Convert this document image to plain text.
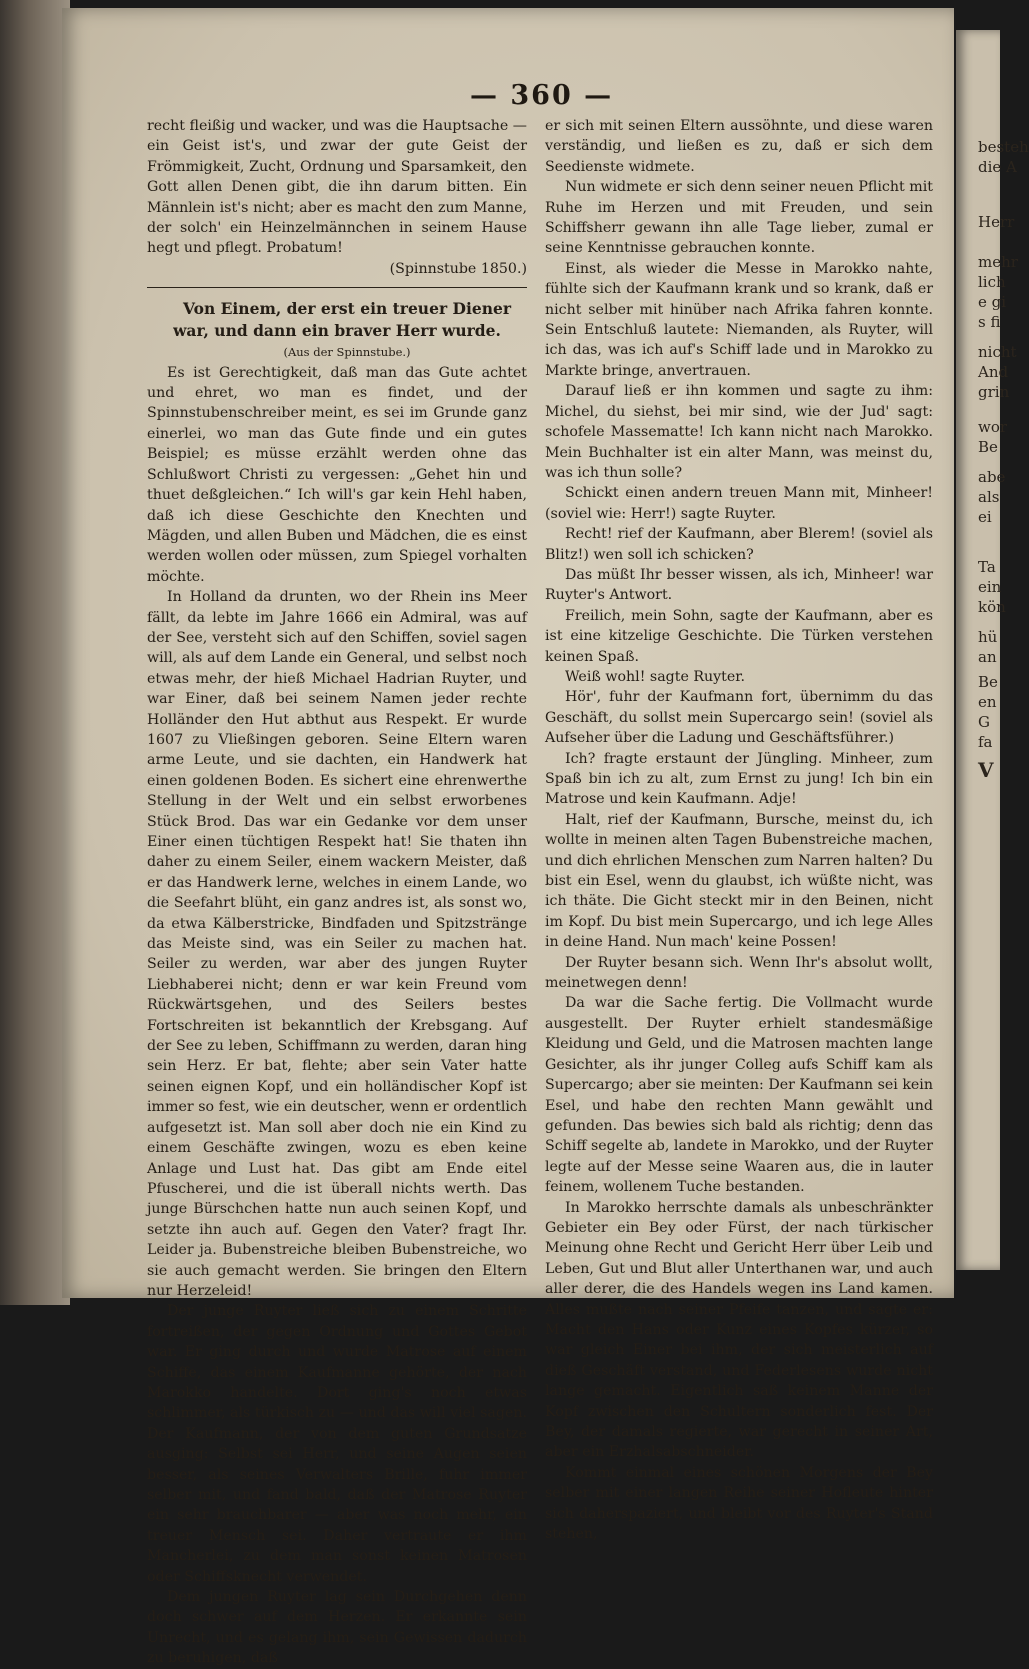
besteh
die A
Herr
mehr
lich
e gi
s fi
nicht
And
grin
wor
Be
abe
als
ei
Ta
ein
kön
hü
an
Be
en
G
fa
V
— 360 —

recht fleißig und wacker, und was die Hauptsache — ein Geist ist's, und zwar der gute Geist der Frömmigkeit, Zucht, Ordnung und Sparsamkeit, den Gott allen Denen gibt, die ihn darum bitten. Ein Männlein ist's nicht; aber es macht den zum Manne, der solch' ein Heinzelmännchen in seinem Hause hegt und pflegt. Probatum!

(Spinnstube 1850.)

Von Einem, der erst ein treuer Diener war, und dann ein braver Herr wurde.

(Aus der Spinnstube.)

Es ist Gerechtigkeit, daß man das Gute achtet und ehret, wo man es findet, und der Spinnstubenschreiber meint, es sei im Grunde ganz einerlei, wo man das Gute finde und ein gutes Beispiel; es müsse erzählt werden ohne das Schlußwort Christi zu vergessen: „Gehet hin und thuet deßgleichen.“ Ich will's gar kein Hehl haben, daß ich diese Geschichte den Knechten und Mägden, und allen Buben und Mädchen, die es einst werden wollen oder müssen, zum Spiegel vorhalten möchte.

In Holland da drunten, wo der Rhein ins Meer fällt, da lebte im Jahre 1666 ein Admiral, was auf der See, versteht sich auf den Schiffen, soviel sagen will, als auf dem Lande ein General, und selbst noch etwas mehr, der hieß Michael Hadrian Ruyter, und war Einer, daß bei seinem Namen jeder rechte Holländer den Hut abthut aus Respekt. Er wurde 1607 zu Vließingen geboren. Seine Eltern waren arme Leute, und sie dachten, ein Handwerk hat einen goldenen Boden. Es sichert eine ehrenwerthe Stellung in der Welt und ein selbst erworbenes Stück Brod. Das war ein Gedanke vor dem unser Einer einen tüchtigen Respekt hat! Sie thaten ihn daher zu einem Seiler, einem wackern Meister, daß er das Handwerk lerne, welches in einem Lande, wo die Seefahrt blüht, ein ganz andres ist, als sonst wo, da etwa Kälberstricke, Bindfaden und Spitzstränge das Meiste sind, was ein Seiler zu machen hat. Seiler zu werden, war aber des jungen Ruyter Liebhaberei nicht; denn er war kein Freund vom Rückwärtsgehen, und des Seilers bestes Fortschreiten ist bekanntlich der Krebsgang. Auf der See zu leben, Schiffmann zu werden, daran hing sein Herz. Er bat, flehte; aber sein Vater hatte seinen eignen Kopf, und ein holländischer Kopf ist immer so fest, wie ein deutscher, wenn er ordentlich aufgesetzt ist. Man soll aber doch nie ein Kind zu einem Geschäfte zwingen, wozu es eben keine Anlage und Lust hat. Das gibt am Ende eitel Pfuscherei, und die ist überall nichts werth. Das junge Bürschchen hatte nun auch seinen Kopf, und setzte ihn auch auf. Gegen den Vater? fragt Ihr. Leider ja. Bubenstreiche bleiben Bubenstreiche, wo sie auch gemacht werden. Sie bringen den Eltern nur Herzeleid!

Der junge Ruyter ließ sich zu einem Schritte fortreißen, der gegen Ordnung und Gottes Gebot war. Er ging durch und wurde Matrose auf einem Schiffe, das einem Kaufmanne gehörte, der nach Marokko handelte. Dort ging's noch etwas schlimmer, als türkisch zu — und das will viel sagen. Der Kaufmann, der von dem guten Grundsatze ausging: Selbst sei Herr, und seine Augen seien besser, als seines Verwalters Brille, fuhr immer selber mit, und fand bald, daß der Matrose Ruyter ein sehr brauchbarer — aber was noch mehr, ein treuer Mensch sei. Daher vertraute er ihm Mancherlei, zu dem man sonst keinen Matrosen oder Schiffsknecht verwendet.

Dem jungen Ruyter lag sein Durchgehen denn doch schwer auf dem Herzen. Er erkannte sein Unrecht, und es gelang ihm, sein Gewissen dadurch zu beruhigen, daß

er sich mit seinen Eltern aussöhnte, und diese waren verständig, und ließen es zu, daß er sich dem Seedienste widmete.

Nun widmete er sich denn seiner neuen Pflicht mit Ruhe im Herzen und mit Freuden, und sein Schiffsherr gewann ihn alle Tage lieber, zumal er seine Kenntnisse gebrauchen konnte.

Einst, als wieder die Messe in Marokko nahte, fühlte sich der Kaufmann krank und so krank, daß er nicht selber mit hinüber nach Afrika fahren konnte. Sein Entschluß lautete: Niemanden, als Ruyter, will ich das, was ich auf's Schiff lade und in Marokko zu Markte bringe, anvertrauen.

Darauf ließ er ihn kommen und sagte zu ihm: Michel, du siehst, bei mir sind, wie der Jud' sagt: schofele Massematte! Ich kann nicht nach Marokko. Mein Buchhalter ist ein alter Mann, was meinst du, was ich thun solle?

Schickt einen andern treuen Mann mit, Minheer! (soviel wie: Herr!) sagte Ruyter.

Recht! rief der Kaufmann, aber Blerem! (soviel als Blitz!) wen soll ich schicken?

Das müßt Ihr besser wissen, als ich, Minheer! war Ruyter's Antwort.

Freilich, mein Sohn, sagte der Kaufmann, aber es ist eine kitzelige Geschichte. Die Türken verstehen keinen Spaß.

Weiß wohl! sagte Ruyter.

Hör', fuhr der Kaufmann fort, übernimm du das Geschäft, du sollst mein Supercargo sein! (soviel als Aufseher über die Ladung und Geschäftsführer.)

Ich? fragte erstaunt der Jüngling. Minheer, zum Spaß bin ich zu alt, zum Ernst zu jung! Ich bin ein Matrose und kein Kaufmann. Adje!

Halt, rief der Kaufmann, Bursche, meinst du, ich wollte in meinen alten Tagen Bubenstreiche machen, und dich ehrlichen Menschen zum Narren halten? Du bist ein Esel, wenn du glaubst, ich wüßte nicht, was ich thäte. Die Gicht steckt mir in den Beinen, nicht im Kopf. Du bist mein Supercargo, und ich lege Alles in deine Hand. Nun mach' keine Possen!

Der Ruyter besann sich. Wenn Ihr's absolut wollt, meinetwegen denn!

Da war die Sache fertig. Die Vollmacht wurde ausgestellt. Der Ruyter erhielt standesmäßige Kleidung und Geld, und die Matrosen machten lange Gesichter, als ihr junger Colleg aufs Schiff kam als Supercargo; aber sie meinten: Der Kaufmann sei kein Esel, und habe den rechten Mann gewählt und gefunden. Das bewies sich bald als richtig; denn das Schiff segelte ab, landete in Marokko, und der Ruyter legte auf der Messe seine Waaren aus, die in lauter feinem, wollenem Tuche bestanden.

In Marokko herrschte damals als unbeschränkter Gebieter ein Bey oder Fürst, der nach türkischer Meinung ohne Recht und Gericht Herr über Leib und Leben, Gut und Blut aller Unterthanen war, und auch aller derer, die des Handels wegen ins Land kamen. Alles mußte nach seiner Pfeife tanzen, und sagte er: Macht den Hans oder Kunz eines Kopfes kürzer, so war gleich Einer bei ihm, der sich meisterlich auf dieß Geschäft verstand, und Federlesens wurde nicht lange gemacht. Eigentlich saß keinem Manne der Kopf zwischen den Schultern sonderlich fest. Der Bey, der damals regierte, war gerecht in seiner Art, aber ein Erzhalsabschneider.

Kommt einmal eines schönen Morgens der Bey selber mit einer langen Reihe seiner Hofleute hinter sich daherspaziert, und bleibt vor des Ruyter's Stand stehen,
